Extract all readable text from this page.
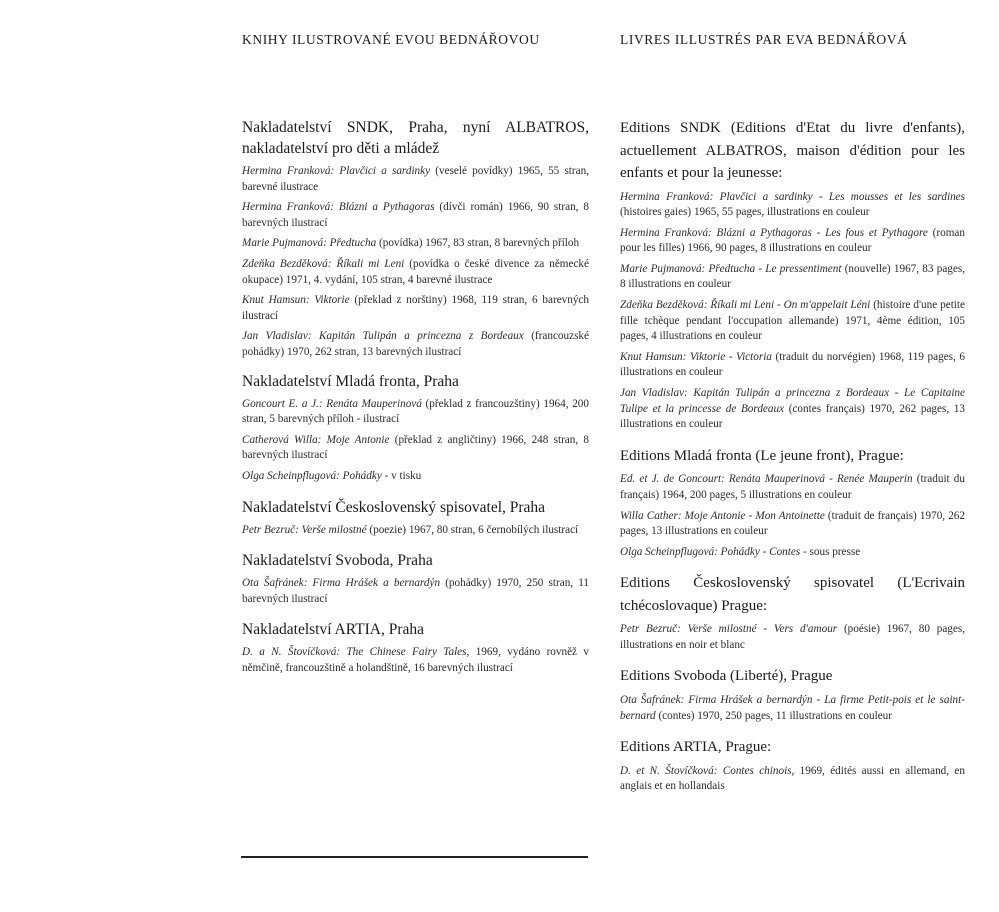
KNIHY ILUSTROVANÉ EVOU BEDNÁŘOVOU
Nakladatelství SNDK, Praha, nyní ALBATROS, nakladatelství pro děti a mládež

Hermina Franková: Plavčici a sardinky (veselé povídky) 1965, 55 stran, barevné ilustrace

Hermina Franková: Blázni a Pythagoras (dívči román) 1966, 90 stran, 8 barevných ilustrací

Marie Pujmanová: Předtucha (povídka) 1967, 83 stran, 8 barevných příloh

Zdeňka Bezděková: Říkali mi Leni (povídka o české divence za německé okupace) 1971, 4. vydání, 105 stran, 4 barevné ilustrace

Knut Hamsun: Viktorie (překlad z norštiny) 1968, 119 stran, 6 barevných ilustrací

Jan Vladislav: Kapitán Tulipán a princezna z Bordeaux (francouzské pohádky) 1970, 262 stran, 13 barevných ilustrací

Nakladatelství Mladá fronta, Praha

Goncourt E. a J.: Renáta Mauperinová (překlad z francouzštiny) 1964, 200 stran, 5 barevných příloh - ilustrací

Catherová Willa: Moje Antonie (překlad z angličtiny) 1966, 248 stran, 8 barevných ilustrací

Olga Scheinpflugová: Pohádky - v tisku

Nakladatelství Československý spisovatel, Praha

Petr Bezruč: Verše milostné (poezie) 1967, 80 stran, 6 černobílých ilustrací

Nakladatelství Svoboda, Praha

Ota Šafránek: Firma Hrášek a bernardýn (pohádky) 1970, 250 stran, 11 barevných ilustrací

Nakladatelství ARTIA, Praha

D. a N. Štovíčková: The Chinese Fairy Tales, 1969, vydáno rovněž v němčině, francouzštině a holandštině, 16 barevných ilustrací

LIVRES ILLUSTRÉS PAR EVA BEDNÁŘOVÁ
Editions SNDK (Editions d'Etat du livre d'enfants), actuellement ALBATROS, maison d'édition pour les enfants et pour la jeunesse:

Hermina Franková: Plavčici a sardinky - Les mousses et les sardines (histoires gaies) 1965, 55 pages, illustrations en couleur

Hermina Franková: Blázni a Pythagoras - Les fous et Pythagore (roman pour les filles) 1966, 90 pages, 8 illustrations en couleur

Marie Pujmanová: Předtucha - Le pressentiment (nouvelle) 1967, 83 pages, 8 illustrations en couleur

Zdeňka Bezděková: Říkali mi Leni - On m'appelait Léni (histoire d'une petite fille tchèque pendant l'occupation allemande) 1971, 4ème édition, 105 pages, 4 illustrations en couleur

Knut Hamsun: Viktorie - Victoria (traduit du norvégien) 1968, 119 pages, 6 illustrations en couleur

Jan Vladislav: Kapitán Tulipán a princezna z Bordeaux - Le Capitaine Tulipe et la princesse de Bordeaux (contes français) 1970, 262 pages, 13 illustrations en couleur

Editions Mladá fronta (Le jeune front), Prague:

Ed. et J. de Goncourt: Renáta Mauperinová - Renée Mauperin (traduit du français) 1964, 200 pages, 5 illustrations en couleur

Willa Cather: Moje Antonie - Mon Antoinette (traduit de français) 1970, 262 pages, 13 illustrations en couleur

Olga Scheinpflugová: Pohádky - Contes - sous presse

Editions Československý spisovatel (L'Ecrivain tchécoslovaque) Prague:

Petr Bezruč: Verše milostné - Vers d'amour (poésie) 1967, 80 pages, illustrations en noir et blanc

Editions Svoboda (Liberté), Prague

Ota Šafránek: Firma Hrášek a bernardýn - La firme Petit-pois et le saint-bernard (contes) 1970, 250 pages, 11 illustrations en couleur

Editions ARTIA, Prague:

D. et N. Štovíčková: Contes chinois, 1969, édités aussi en allemand, en anglais et en hollandais
